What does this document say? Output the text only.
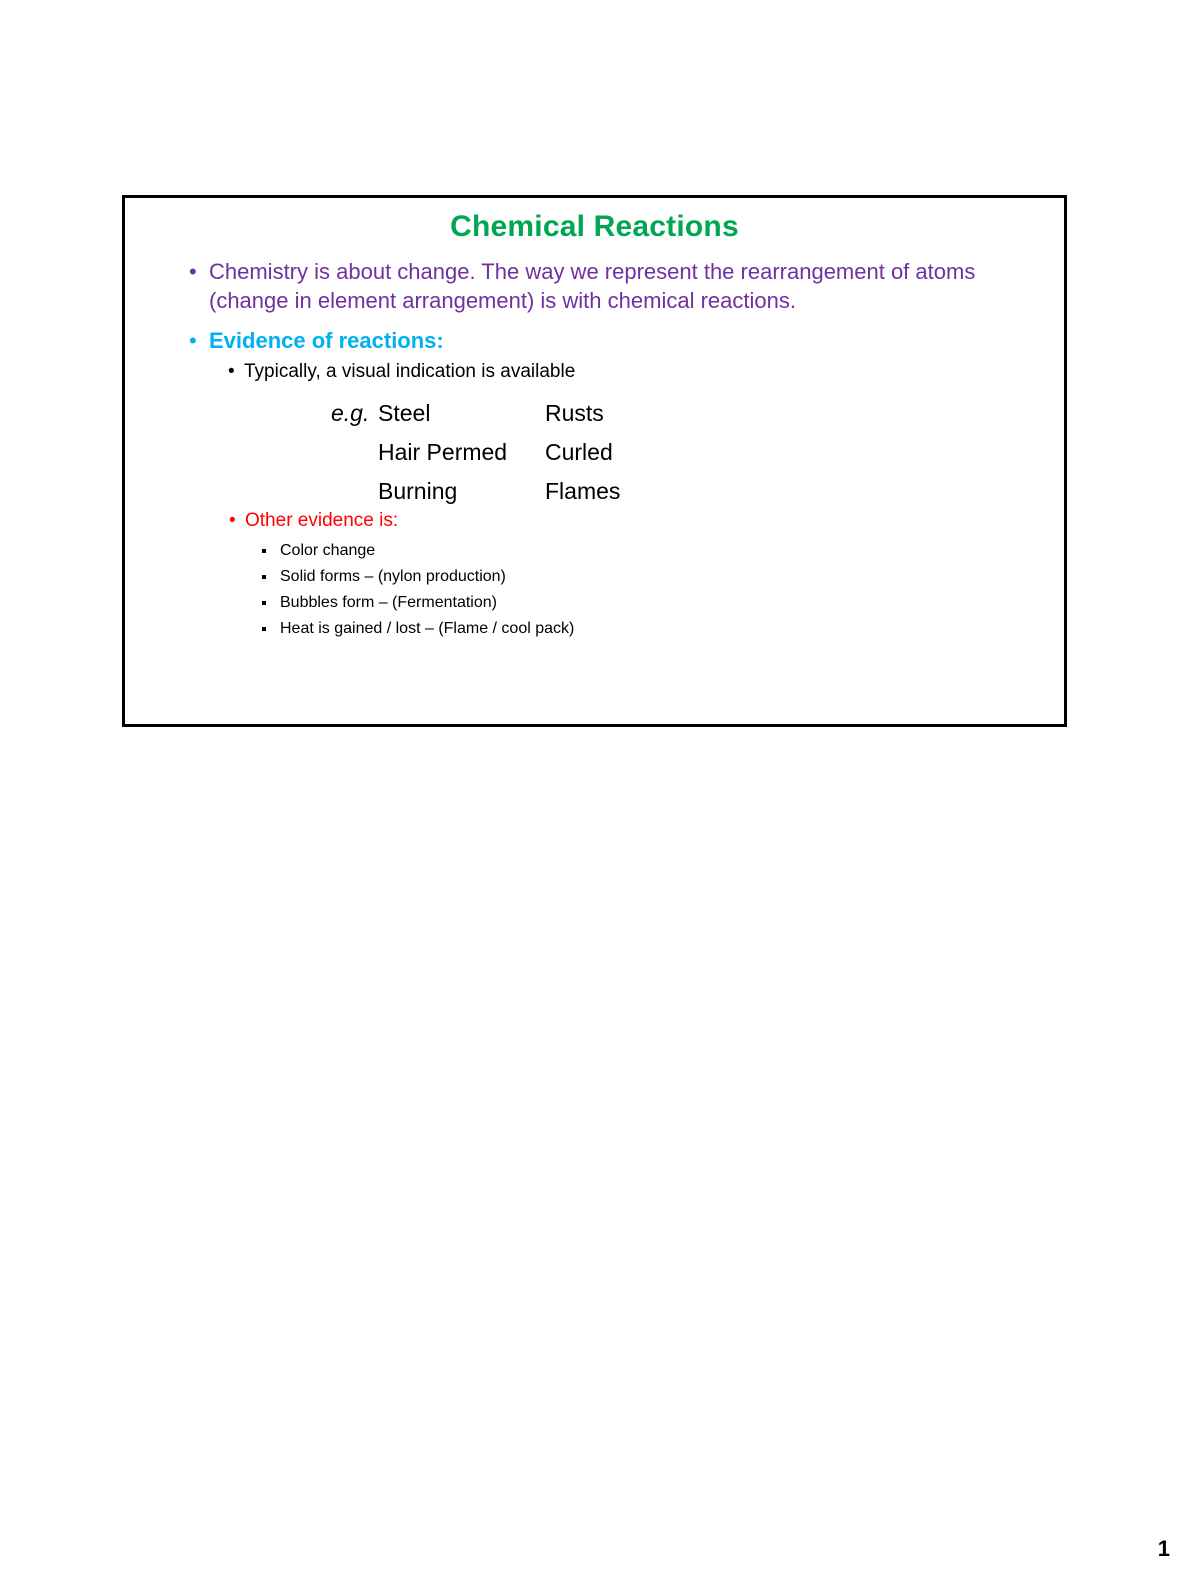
Chemical Reactions
• Chemistry is about change. The way we represent the rearrangement of atoms (change in element arrangement) is with chemical reactions.
• Evidence of reactions:
• Typically, a visual indication is available
e.g. Steel	Rusts
Hair Permed Curled
Burning	Flames
• Other evidence is:
Color change
Solid forms – (nylon production)
Bubbles form – (Fermentation)
Heat is gained / lost – (Flame / cool pack)
1
